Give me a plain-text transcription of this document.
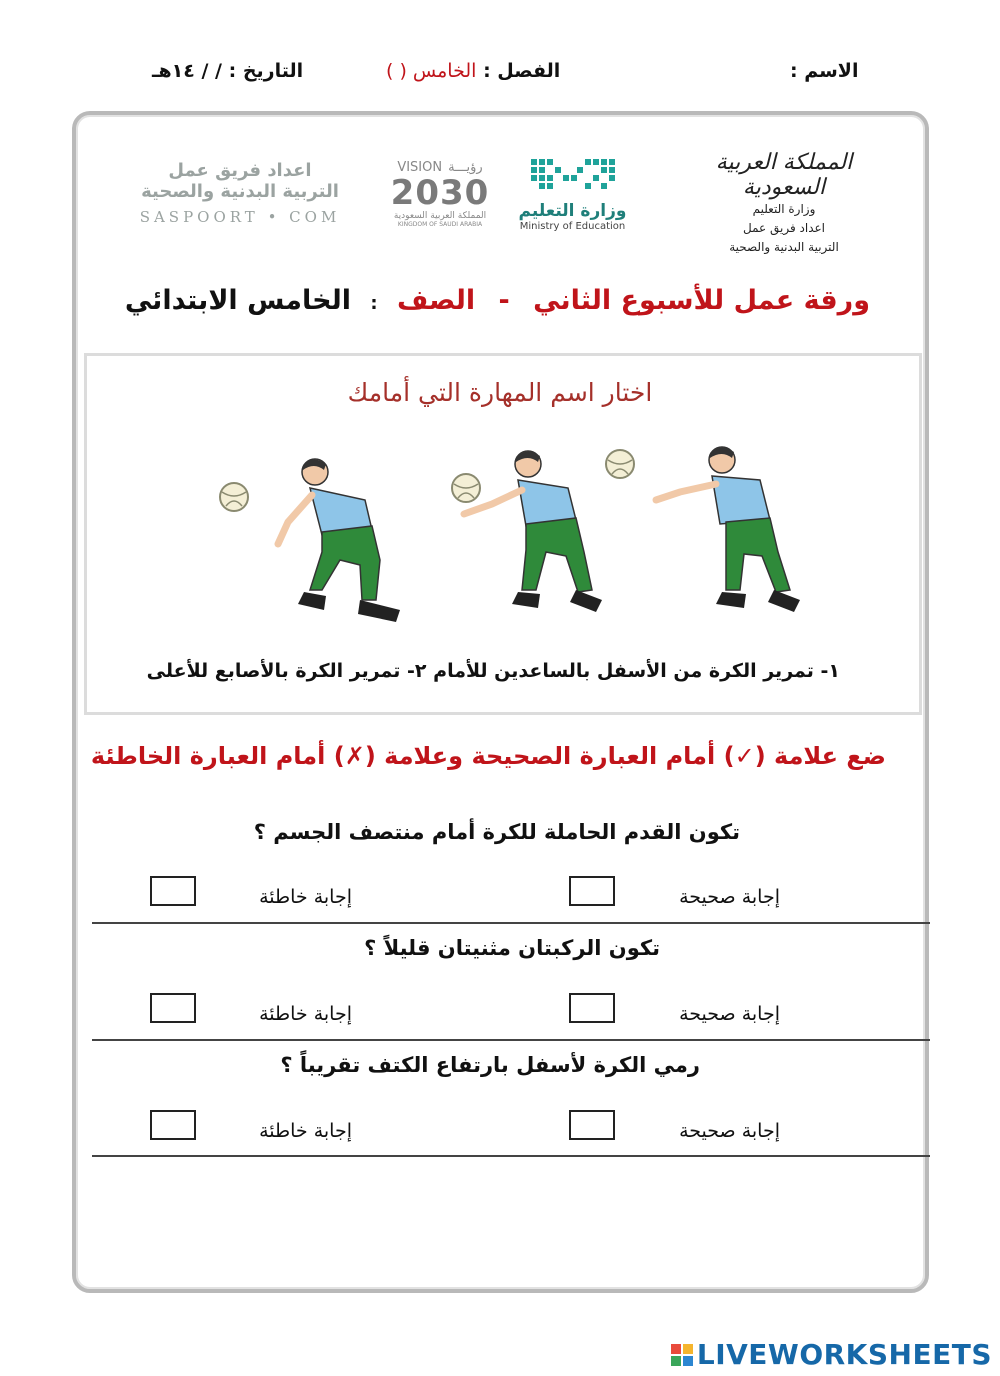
الاسم :
الفصل : الخامس ( )
التاريخ : / / ١٤هـ
المملكة العربية السعودية
وزارة التعليم
اعداد فريق عمل
التربية البدنية والصحية
وزارة التعليم
Ministry of Education
VISION رؤيـــة
2030
المملكة العربية السعودية
KINGDOM OF SAUDI ARABIA
اعداد فريق عمل
التربية البدنية والصحية
SASPOORT • COM
ورقة عمل للأسبوع الثاني - الصف : الخامس الابتدائي
اختار اسم المهارة التي أمامك
١- تمرير الكرة من الأسفل بالساعدين للأمام ٢- تمرير الكرة بالأصابع للأعلى
ضع علامة (✓) أمام العبارة الصحيحة وعلامة (✗) أمام العبارة الخاطئة
تكون القدم الحاملة للكرة أمام منتصف الجسم ؟
إجابة صحيحة
إجابة خاطئة
تكون الركبتان مثنيتان قليلاً ؟
إجابة صحيحة
إجابة خاطئة
رمي الكرة لأسفل بارتفاع الكتف تقريباً ؟
إجابة صحيحة
إجابة خاطئة
LIVEWORKSHEETS
